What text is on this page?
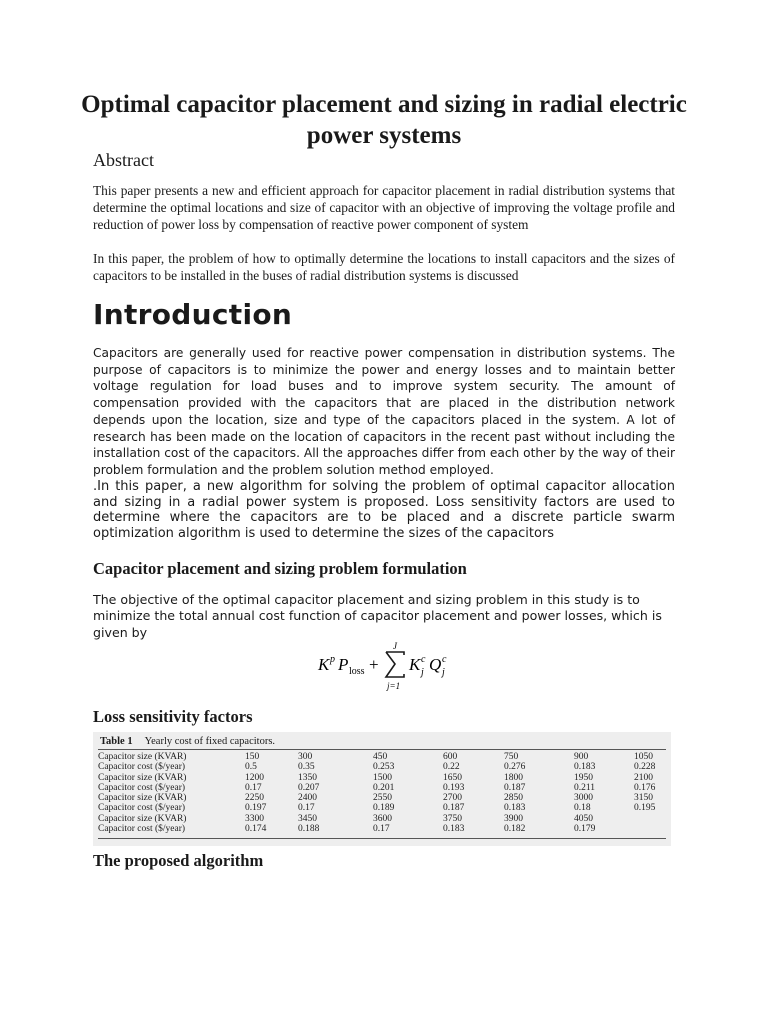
Optimal capacitor placement and sizing in radial electric power systems
Abstract
This paper presents a new and efficient approach for capacitor placement in radial distribution systems that determine the optimal locations and size of capacitor with an objective of improving the voltage profile and reduction of power loss by compensation of reactive power component of system
In this paper, the problem of how to optimally determine the locations to install capacitors and the sizes of capacitors to be installed in the buses of radial distribution systems is discussed
Introduction
Capacitors are generally used for reactive power compensation in distribution systems. The purpose of capacitors is to minimize the power and energy losses and to maintain better voltage regulation for load buses and to improve system security. The amount of compensation provided with the capacitors that are placed in the distribution network depends upon the location, size and type of the capacitors placed in the system. A lot of research has been made on the location of capacitors in the recent past without including the installation cost of the capacitors. All the approaches differ from each other by the way of their problem formulation and the problem solution method employed.
.In this paper, a new algorithm for solving the problem of optimal capacitor allocation and sizing in a radial power system is proposed. Loss sensitivity factors are used to determine where the capacitors are to be placed and a discrete particle swarm optimization algorithm is used to determine the sizes of the capacitors
Capacitor placement and sizing problem formulation
The objective of the optimal capacitor placement and sizing problem in this study is to minimize the total annual cost function of capacitor placement and power losses, which is given by
K p P loss +
J
j=1
K c
j Q c
j
Loss sensitivity factors
Table 1 Yearly cost of fixed capacitors.
Capacitor size (KVAR)	150	300	450	600	750	900	1050
Capacitor cost ($/year)	0.5	0.35	0.253	0.22	0.276	0.183	0.228
Capacitor size (KVAR)	1200	1350	1500	1650	1800	1950	2100
Capacitor cost ($/year)	0.17	0.207	0.201	0.193	0.187	0.211	0.176
Capacitor size (KVAR)	2250	2400	2550	2700	2850	3000	3150
Capacitor cost ($/year)	0.197	0.17	0.189	0.187	0.183	0.18	0.195
Capacitor size (KVAR)	3300	3450	3600	3750	3900	4050	
Capacitor cost ($/year)	0.174	0.188	0.17	0.183	0.182	0.179	
The proposed algorithm
